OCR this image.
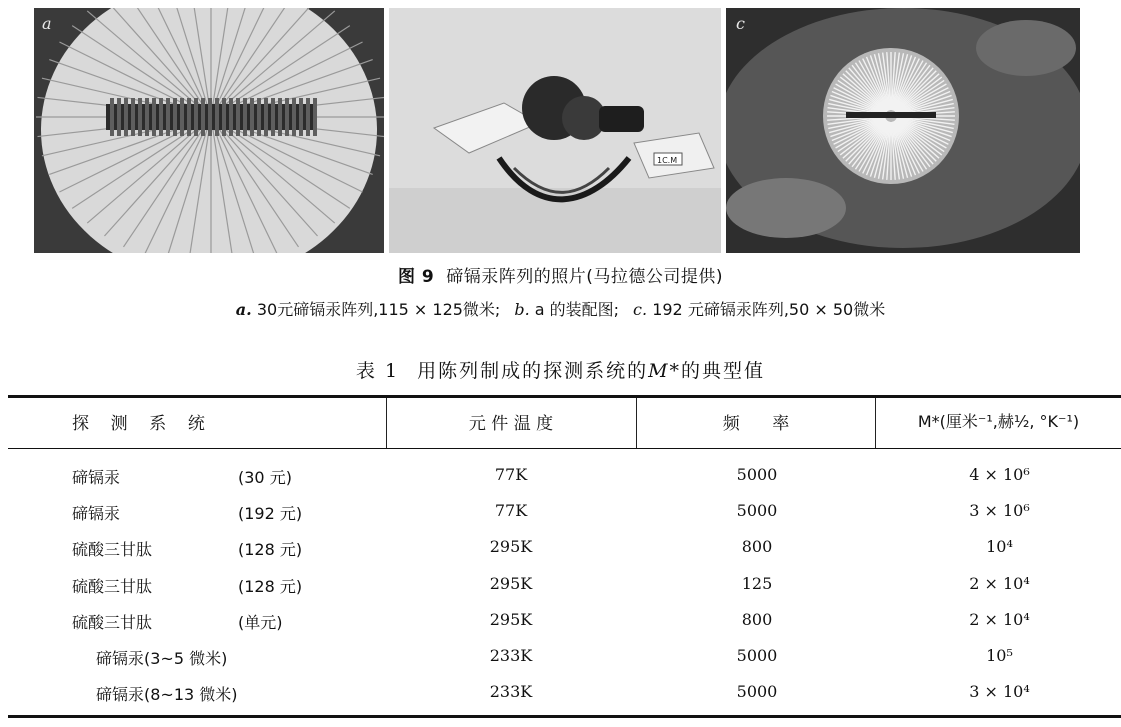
a
1C.M
c
图 9 碲镉汞阵列的照片(马拉德公司提供)
a. 30元碲镉汞阵列,115 × 125微米; b. a 的装配图; c. 192 元碲镉汞阵列,50 × 50微米
表 1 用陈列制成的探测系统的M*的典型值
探    测    系    统	元 件 温 度	频      率	M*(厘米⁻¹,赫½, °K⁻¹)
碲镉汞	(30 元)	77K	5000	4 × 10⁶
碲镉汞	(192 元)	77K	5000	3 × 10⁶
硫酸三甘肽	(128 元)	295K	800	10⁴
硫酸三甘肽	(128 元)	295K	125	2 × 10⁴
硫酸三甘肽	(单元)	295K	800	2 × 10⁴
碲镉汞(3~5 微米)	233K	5000	10⁵
碲镉汞(8~13 微米)	233K	5000	3 × 10⁴
